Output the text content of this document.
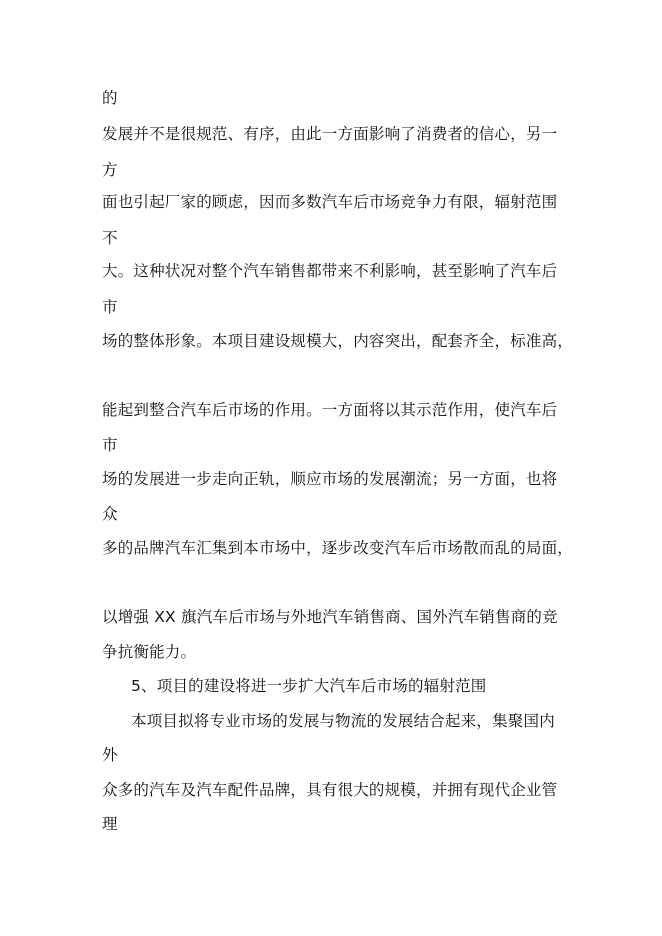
的

发展并不是很规范、有序，由此一方面影响了消费者的信心，另一

方

面也引起厂家的顾虑，因而多数汽车后市场竞争力有限，辐射范围

不

大。这种状况对整个汽车销售都带来不利影响，甚至影响了汽车后

市

场的整体形象。本项目建设规模大，内容突出，配套齐全，标准高，

能起到整合汽车后市场的作用。一方面将以其示范作用，使汽车后

市

场的发展进一步走向正轨，顺应市场的发展潮流；另一方面，也将

众

多的品牌汽车汇集到本市场中，逐步改变汽车后市场散而乱的局面，

以增强 XX 旗汽车后市场与外地汽车销售商、国外汽车销售商的竞

争抗衡能力。

5、项目的建设将进一步扩大汽车后市场的辐射范围

本项目拟将专业市场的发展与物流的发展结合起来，集聚国内

外

众多的汽车及汽车配件品牌，具有很大的规模，并拥有现代企业管

理
